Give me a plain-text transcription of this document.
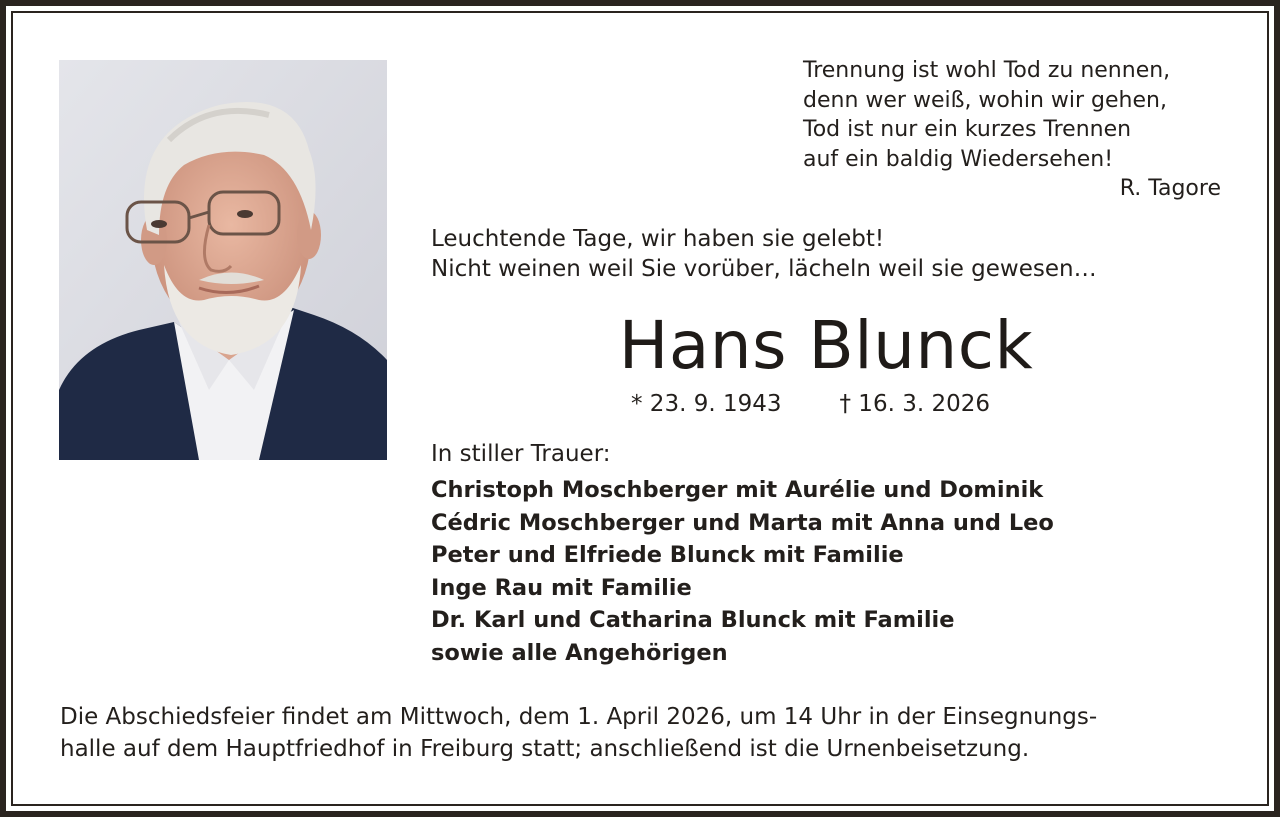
Trennung ist wohl Tod zu nennen,
denn wer weiß, wohin wir gehen,
Tod ist nur ein kurzes Trennen
auf ein baldig Wiedersehen!
R. Tagore
Leuchtende Tage, wir haben sie gelebt!
Nicht weinen weil Sie vorüber, lächeln weil sie gewesen…
Hans Blunck
* 23. 9. 1943	† 16. 3. 2026
In stiller Trauer:
Christoph Moschberger mit Aurélie und Dominik
Cédric Moschberger und Marta mit Anna und Leo
Peter und Elfriede Blunck mit Familie
Inge Rau mit Familie
Dr. Karl und Catharina Blunck mit Familie
sowie alle Angehörigen
Die Abschiedsfeier findet am Mittwoch, dem 1. April 2026, um 14 Uhr in der Einsegnungs-
halle auf dem Hauptfriedhof in Freiburg statt; anschließend ist die Urnenbeisetzung.
